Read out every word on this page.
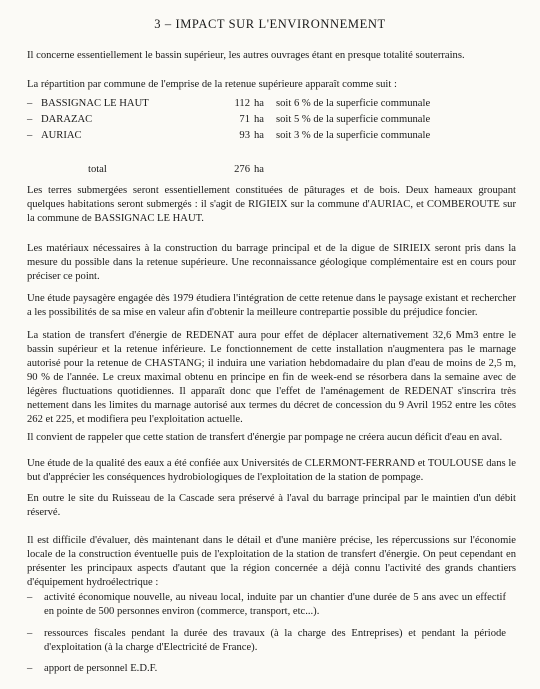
3 – IMPACT SUR L'ENVIRONNEMENT

Il concerne essentiellement le bassin supérieur, les autres ouvrages étant en presque totalité souterrains.

La répartition par commune de l'emprise de la retenue supérieure apparaît comme suit :

–	BASSIGNAC LE HAUT	112	ha	soit 6 % de la superficie communale
–	DARAZAC	71	ha	soit 5 % de la superficie communale
–	AURIAC	93	ha	soit 3 % de la superficie communale
	total	276	ha	

Les terres submergées seront essentiellement constituées de pâturages et de bois. Deux hameaux groupant quelques habitations seront submergés : il s'agit de RIGIEIX sur la commune d'AURIAC, et COMBEROUTE sur la commune de BASSIGNAC LE HAUT.

Les matériaux nécessaires à la construction du barrage principal et de la digue de SIRIEIX seront pris dans la mesure du possible dans la retenue supérieure. Une reconnaissance géologique complémentaire est en cours pour préciser ce point.

Une étude paysagère engagée dès 1979 étudiera l'intégration de cette retenue dans le paysage existant et rechercher a les possibilités de sa mise en valeur afin d'obtenir la meilleure contrepartie possible du préjudice foncier.

La station de transfert d'énergie de REDENAT aura pour effet de déplacer alternativement 32,6 Mm3 entre le bassin supérieur et la retenue inférieure. Le fonctionnement de cette installation n'augmentera pas le marnage autorisé pour la retenue de CHASTANG; il induira une variation hebdomadaire du plan d'eau de moins de 2,5 m, 90 % de l'année. Le creux maximal obtenu en principe en fin de week-end se résorbera dans la semaine avec de légères fluctuations quotidiennes. Il apparaît donc que l'effet de l'aménagement de REDENAT s'inscrira très nettement dans les limites du marnage autorisé aux termes du décret de concession du 9 Avril 1952 entre les côtes 262 et 225, et modifiera peu l'exploitation actuelle.

Il convient de rappeler que cette station de transfert d'énergie par pompage ne créera aucun déficit d'eau en aval.

Une étude de la qualité des eaux a été confiée aux Universités de CLERMONT-FERRAND et TOULOUSE dans le but d'apprécier les conséquences hydrobiologiques de l'exploitation de la station de pompage.

En outre le site du Ruisseau de la Cascade sera préservé à l'aval du barrage principal par le maintien d'un débit réservé.

Il est difficile d'évaluer, dès maintenant dans le détail et d'une manière précise, les répercussions sur l'économie locale de la construction éventuelle puis de l'exploitation de la station de transfert d'énergie. On peut cependant en présenter les principaux aspects d'autant que la région concernée a déjà connu l'activité des grands chantiers d'équipement hydroélectrique :

– activité économique nouvelle, au niveau local, induite par un chantier d'une durée de 5 ans avec un effectif en pointe de 500 personnes environ (commerce, transport, etc...).
– ressources fiscales pendant la durée des travaux (à la charge des Entreprises) et pendant la période d'exploitation (à la charge d'Electricité de France).
– apport de personnel E.D.F.
